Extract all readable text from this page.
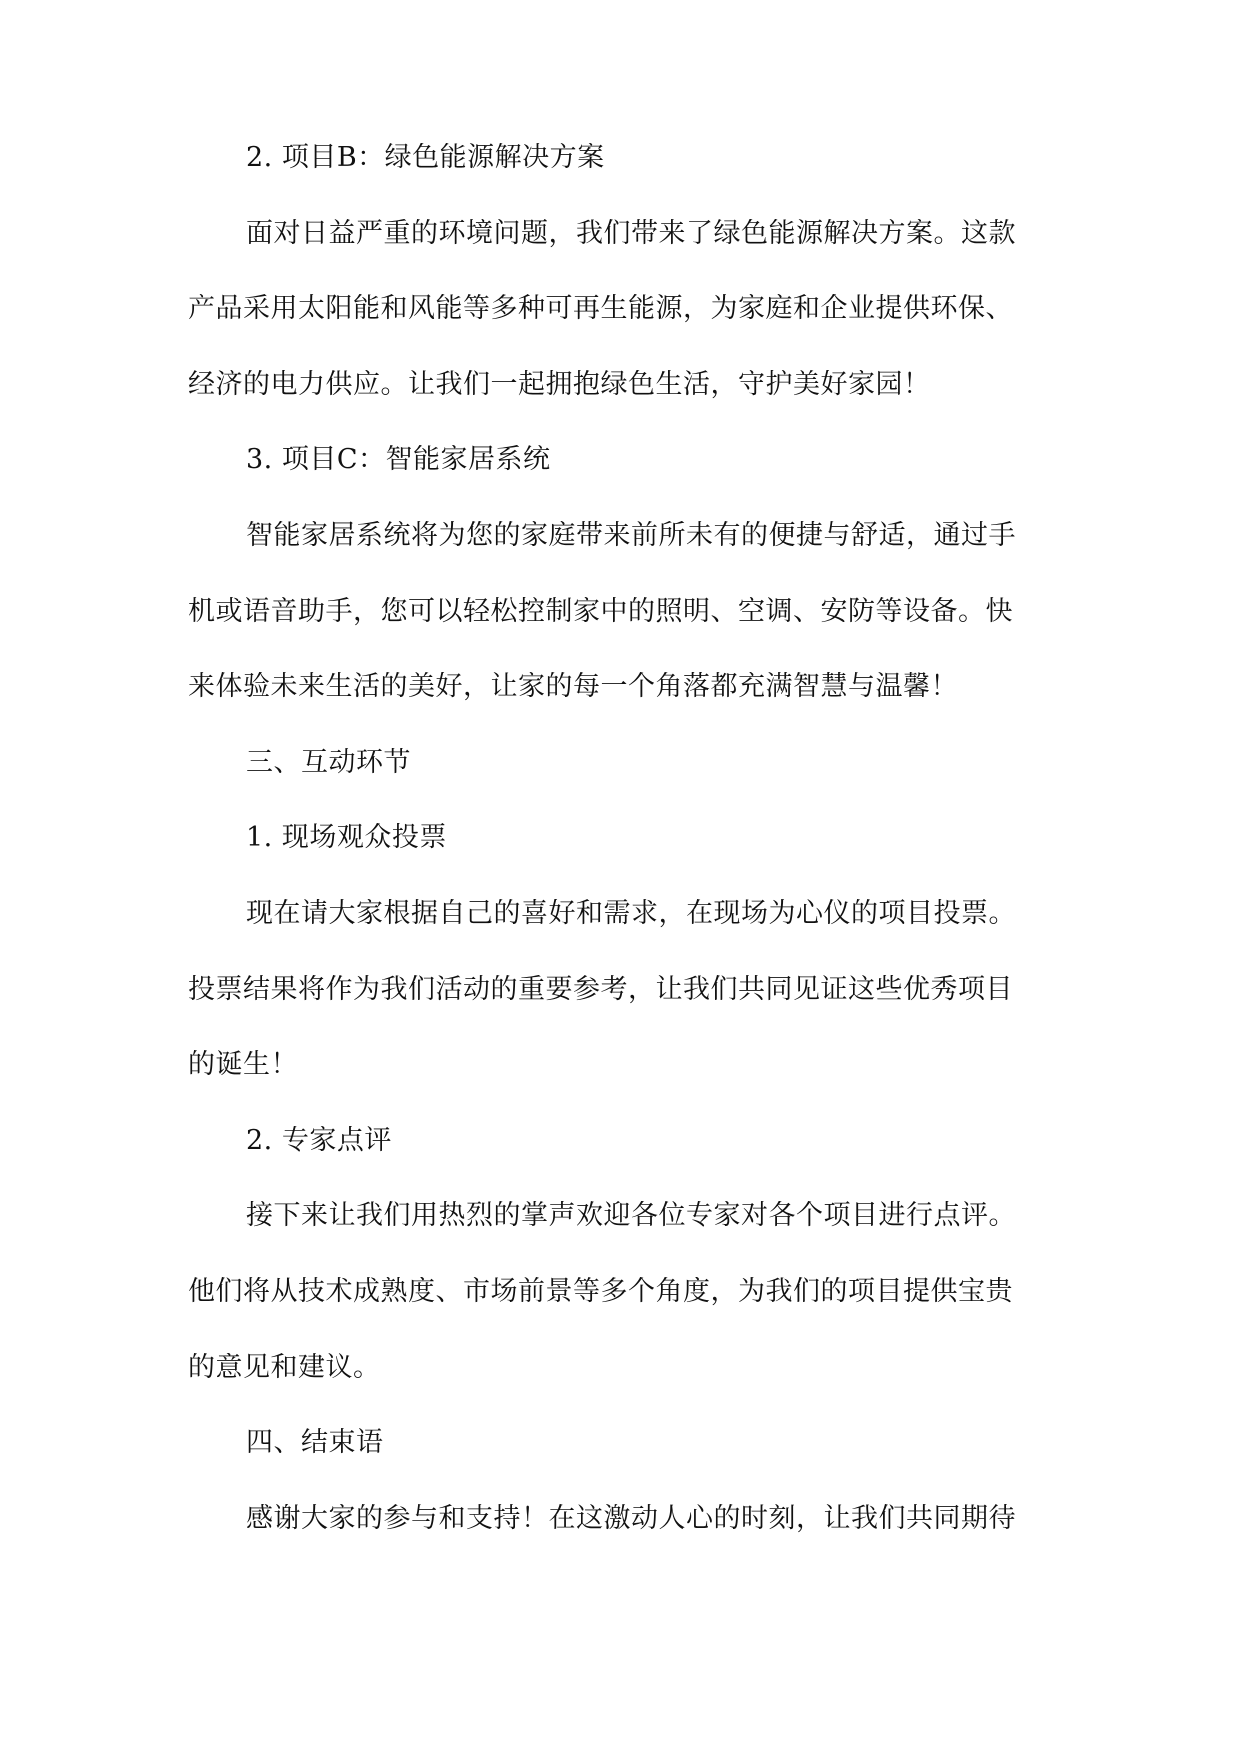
2. 项目B：绿色能源解决方案
面对日益严重的环境问题，我们带来了绿色能源解决方案。这款
产品采用太阳能和风能等多种可再生能源，为家庭和企业提供环保、
经济的电力供应。让我们一起拥抱绿色生活，守护美好家园！
3. 项目C：智能家居系统
智能家居系统将为您的家庭带来前所未有的便捷与舒适，通过手
机或语音助手，您可以轻松控制家中的照明、空调、安防等设备。快
来体验未来生活的美好，让家的每一个角落都充满智慧与温馨！
三、互动环节
1. 现场观众投票
现在请大家根据自己的喜好和需求，在现场为心仪的项目投票。
投票结果将作为我们活动的重要参考，让我们共同见证这些优秀项目
的诞生！
2. 专家点评
接下来让我们用热烈的掌声欢迎各位专家对各个项目进行点评。
他们将从技术成熟度、市场前景等多个角度，为我们的项目提供宝贵
的意见和建议。
四、结束语
感谢大家的参与和支持！在这激动人心的时刻，让我们共同期待
